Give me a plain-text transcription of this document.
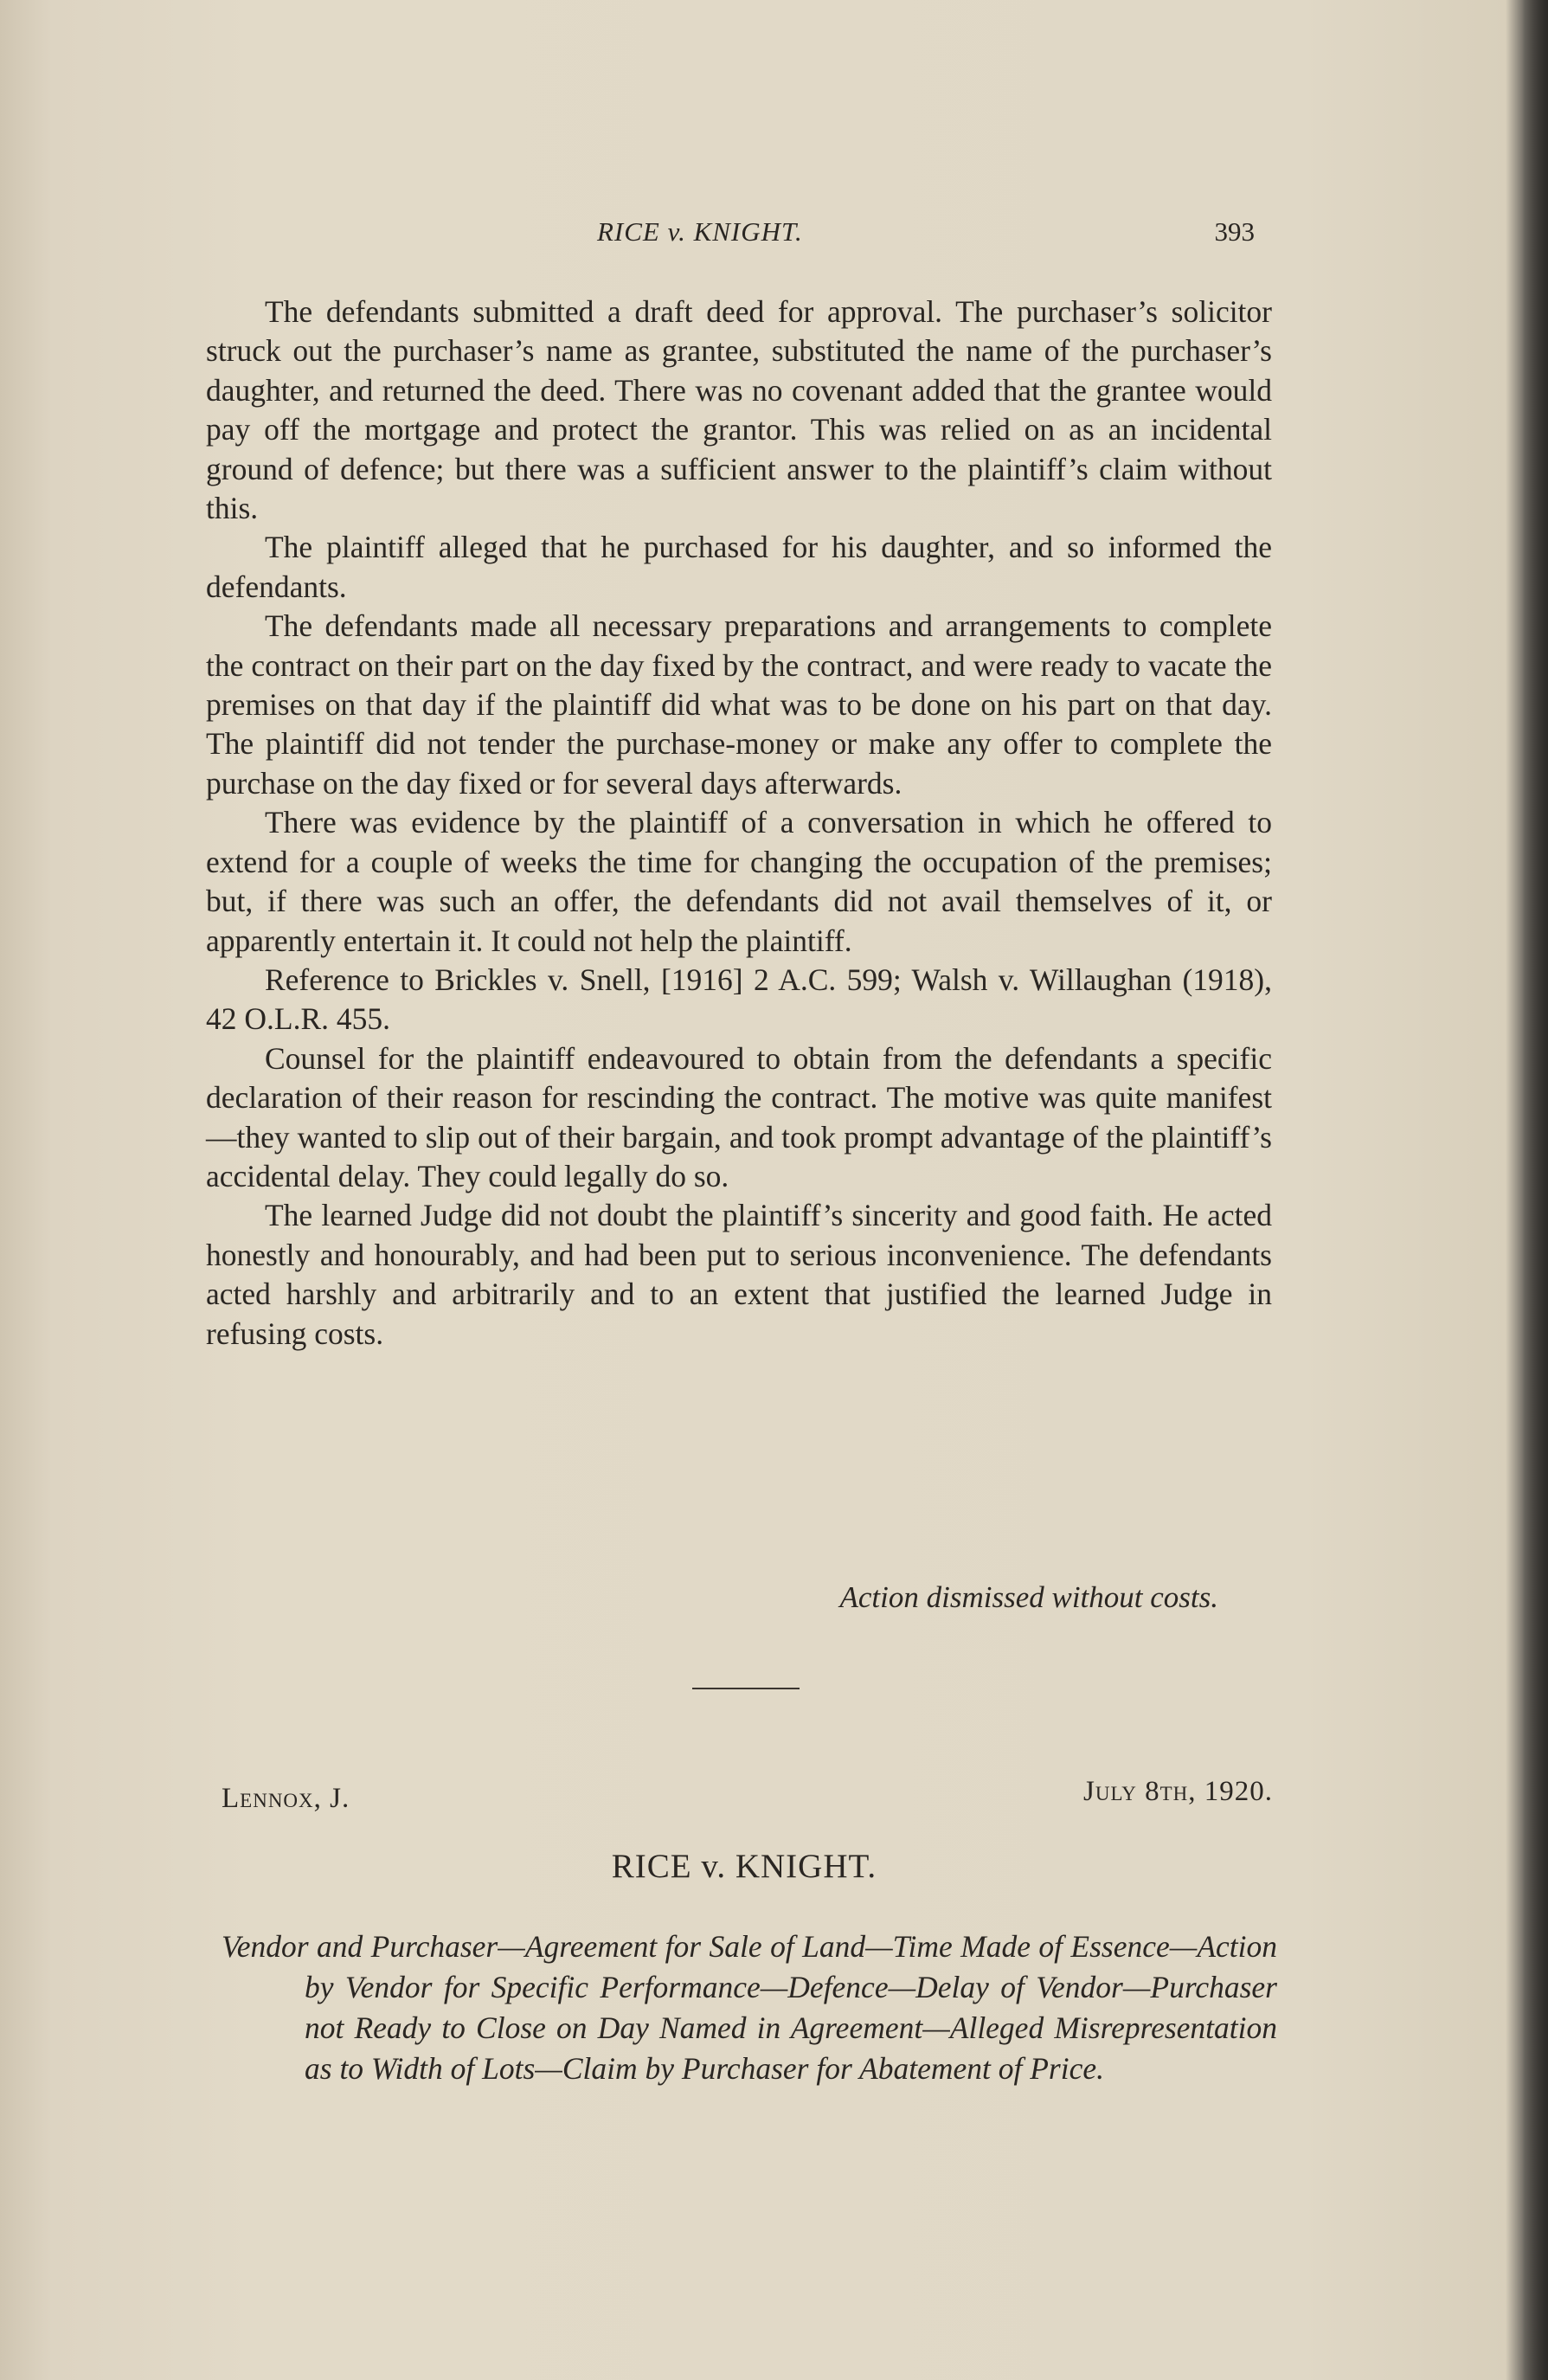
RICE v. KNIGHT.	393

The defendants submitted a draft deed for approval. The purchaser’s solicitor struck out the purchaser’s name as grantee, substituted the name of the purchaser’s daughter, and returned the deed. There was no covenant added that the grantee would pay off the mortgage and protect the grantor. This was relied on as an incidental ground of defence; but there was a sufficient answer to the plaintiff’s claim without this.

The plaintiff alleged that he purchased for his daughter, and so informed the defendants.

The defendants made all necessary preparations and arrangements to complete the contract on their part on the day fixed by the contract, and were ready to vacate the premises on that day if the plaintiff did what was to be done on his part on that day. The plaintiff did not tender the purchase-money or make any offer to complete the purchase on the day fixed or for several days afterwards.

There was evidence by the plaintiff of a conversation in which he offered to extend for a couple of weeks the time for changing the occupation of the premises; but, if there was such an offer, the defendants did not avail themselves of it, or apparently entertain it. It could not help the plaintiff.

Reference to Brickles v. Snell, [1916] 2 A.C. 599; Walsh v. Willaughan (1918), 42 O.L.R. 455.

Counsel for the plaintiff endeavoured to obtain from the defendants a specific declaration of their reason for rescinding the contract. The motive was quite manifest—they wanted to slip out of their bargain, and took prompt advantage of the plaintiff’s accidental delay. They could legally do so.

The learned Judge did not doubt the plaintiff’s sincerity and good faith. He acted honestly and honourably, and had been put to serious inconvenience. The defendants acted harshly and arbitrarily and to an extent that justified the learned Judge in refusing costs.

Action dismissed without costs.
Lennox, J.	July 8th, 1920.
RICE v. KNIGHT.
Vendor and Purchaser—Agreement for Sale of Land—Time Made of Essence—Action by Vendor for Specific Performance—Defence—Delay of Vendor—Purchaser not Ready to Close on Day Named in Agreement—Alleged Misrepresentation as to Width of Lots—Claim by Purchaser for Abatement of Price.
